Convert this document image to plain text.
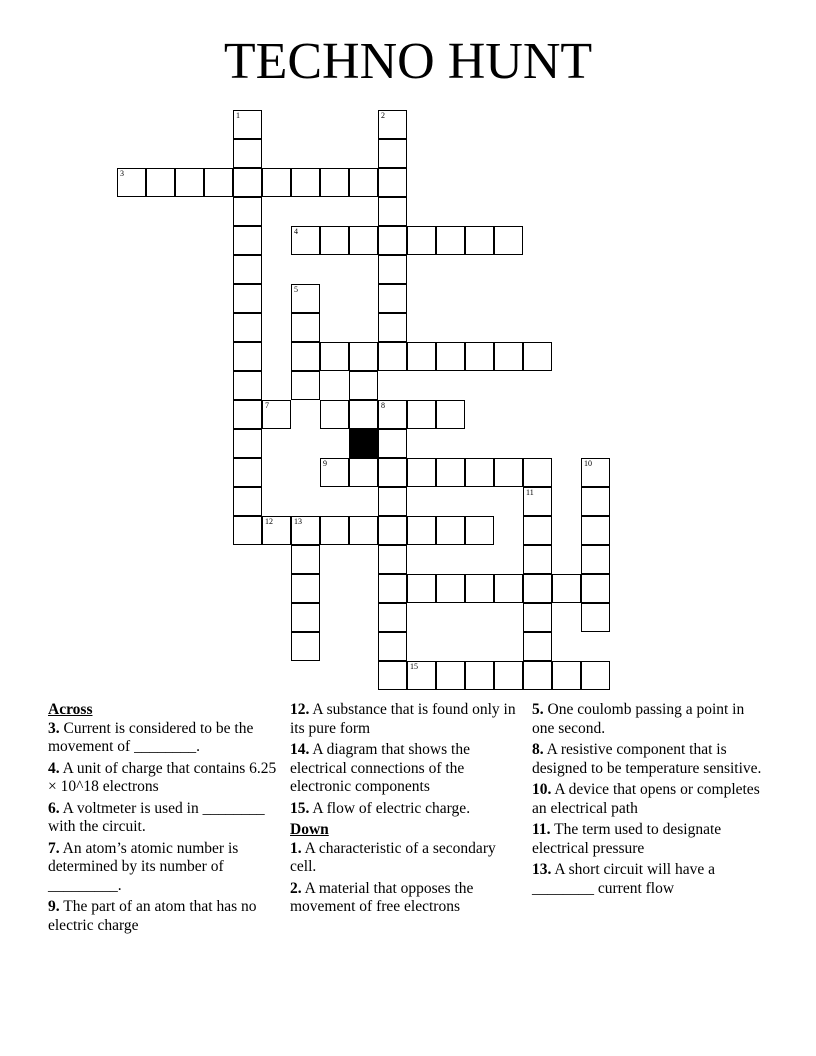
TECHNO HUNT
1	2
3
4
5
7	8
9	10
11
12	13
15
Across
3. Current is considered to be the movement of ________.
4. A unit of charge that contains 6.25 × 10^18 electrons
6. A voltmeter is used in ________ with the circuit.
7. An atom’s atomic number is determined by its number of _________.
9. The part of an atom that has no electric charge
12. A substance that is found only in its pure form
14. A diagram that shows the electrical connections of the electronic components
15. A flow of electric charge.
Down
1. A characteristic of a secondary cell.
2. A material that opposes the movement of free electrons
5. One coulomb passing a point in one second.
8. A resistive component that is designed to be temperature sensitive.
10. A device that opens or completes an electrical path
11. The term used to designate electrical pressure
13. A short circuit will have a ________ current flow
